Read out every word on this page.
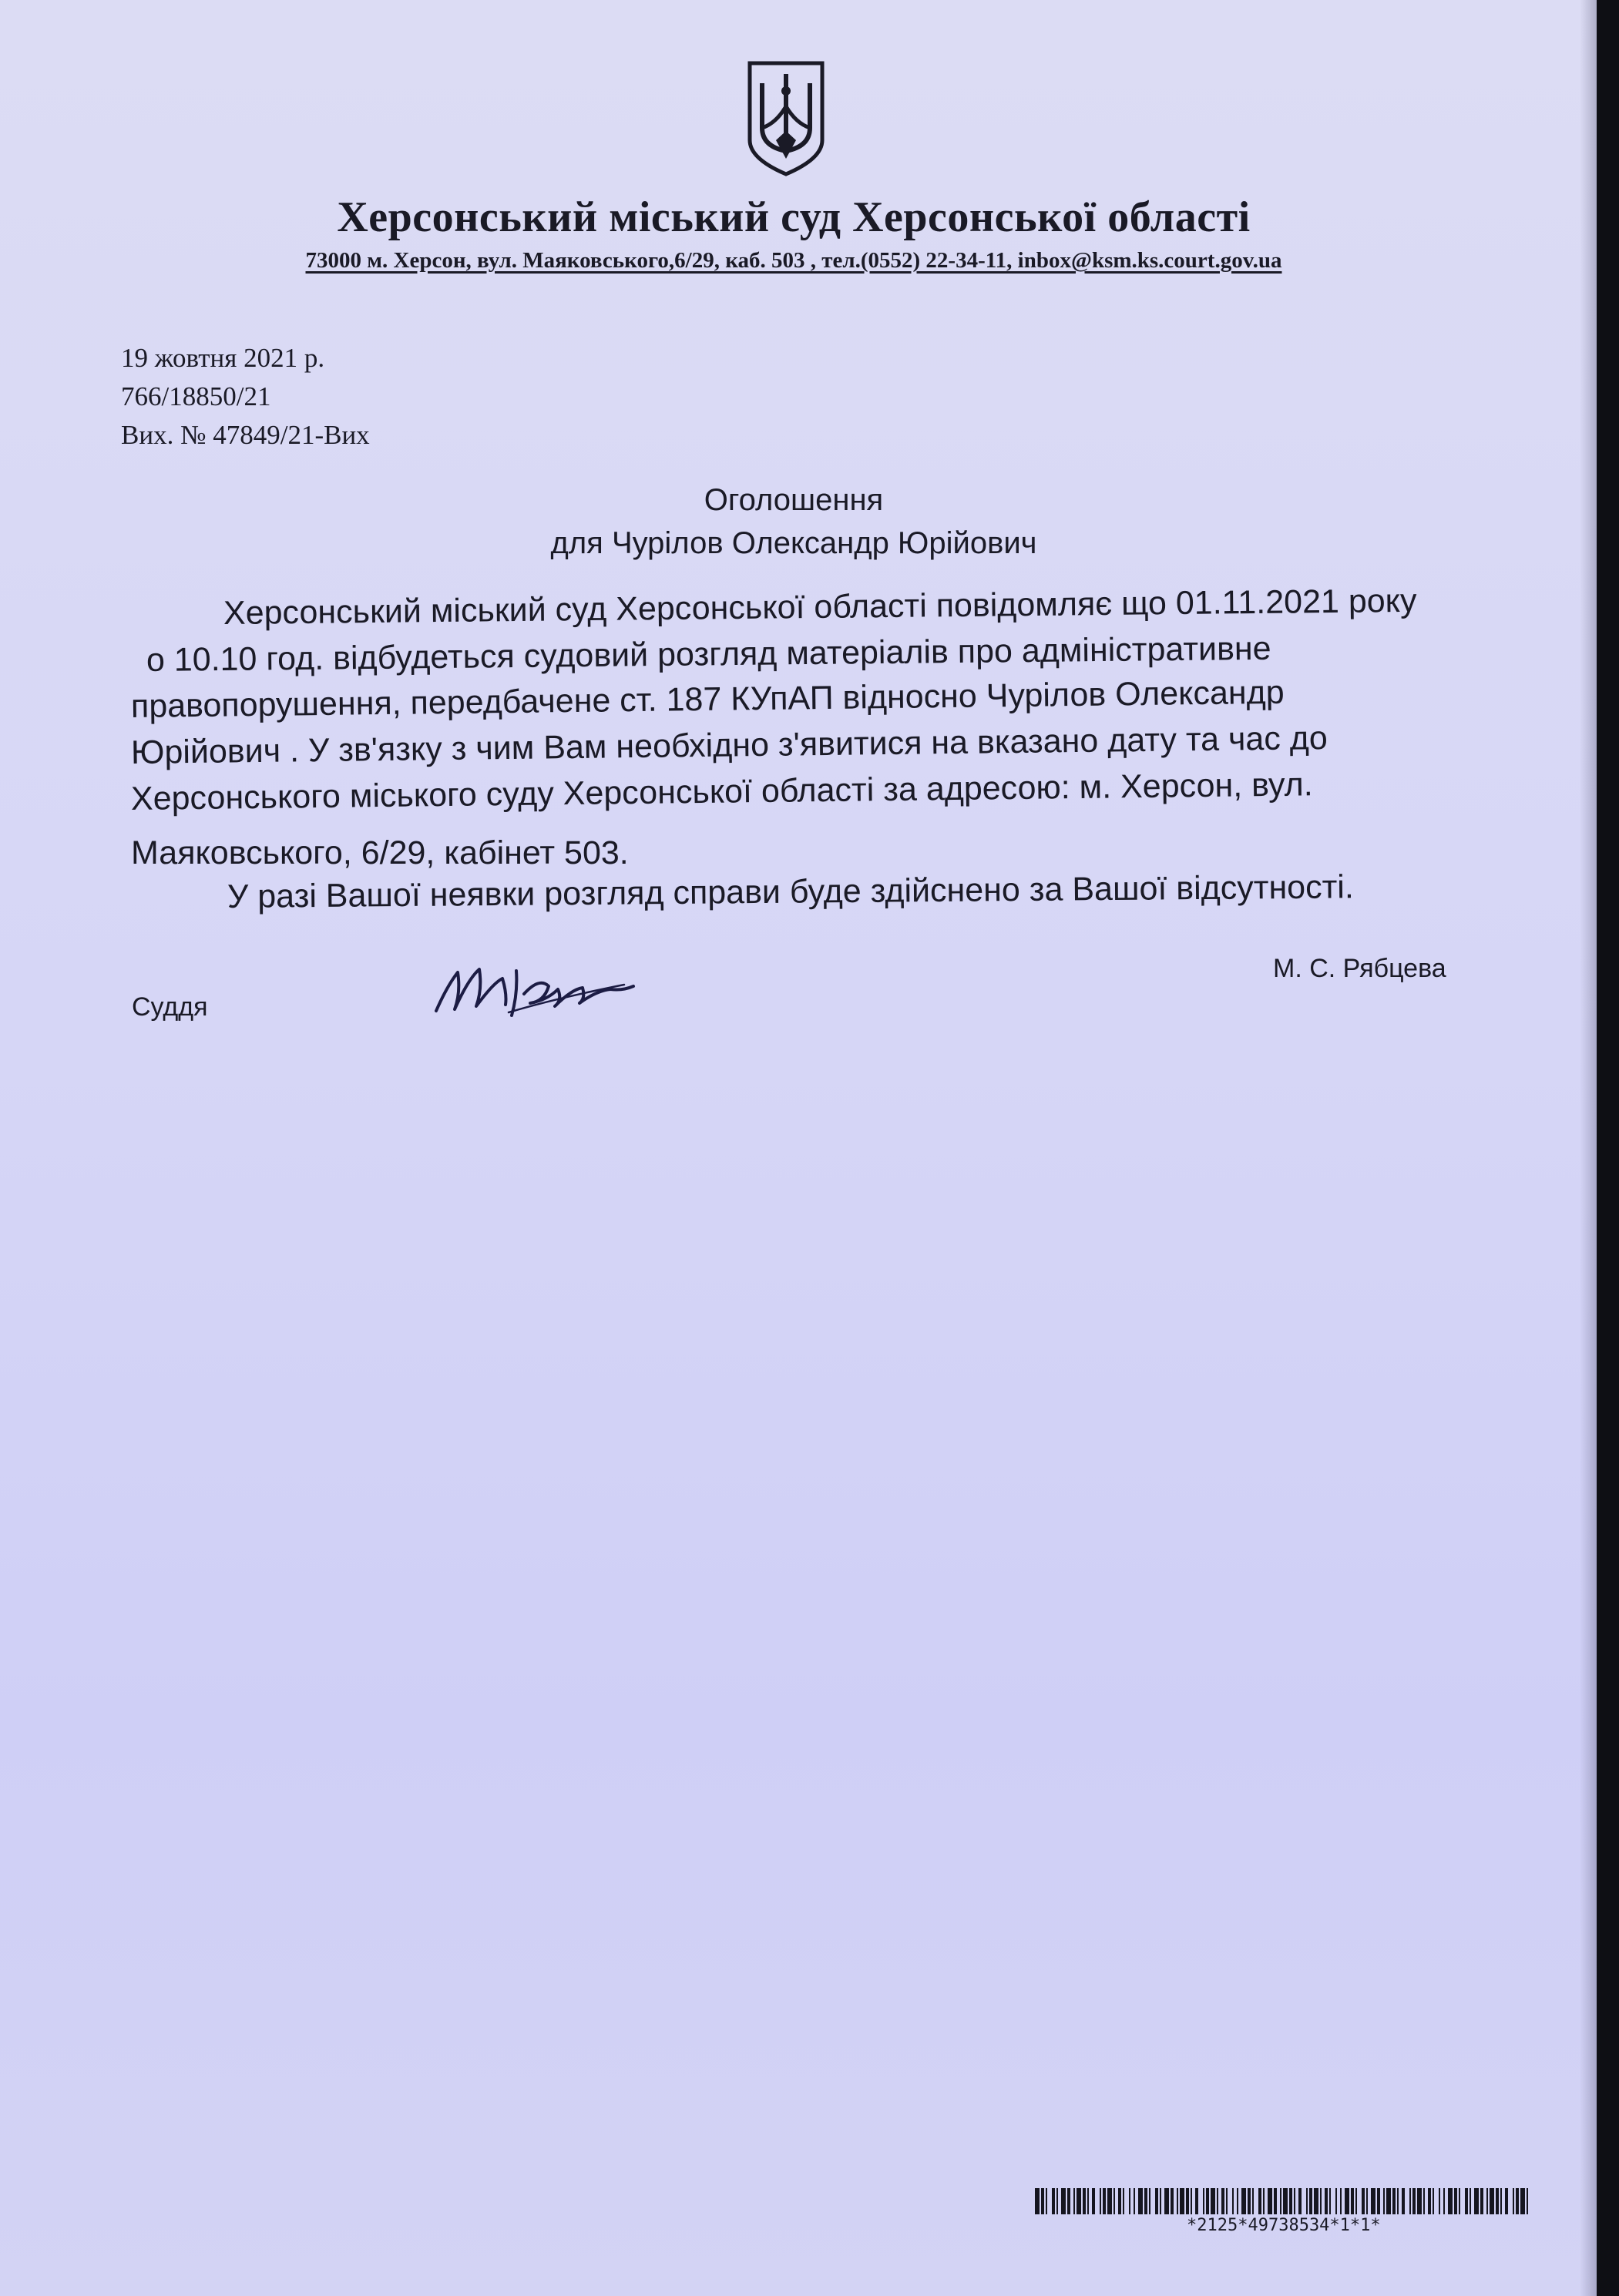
Херсонський міський суд Херсонської області
73000 м. Херсон, вул. Маяковського,6/29, каб. 503 , тел.(0552) 22-34-11, inbox@ksm.ks.court.gov.ua
19 жовтня 2021 р.
766/18850/21
Вих. № 47849/21-Вих
Оголошення
для Чурілов Олександр Юрійович
Херсонський міський суд Херсонської області повідомляє що 01.11.2021 року
о 10.10 год. відбудеться судовий розгляд матеріалів про адміністративне
правопорушення, передбачене ст. 187 КУпАП відносно Чурілов Олександр
Юрійович . У зв'язку з чим Вам необхідно з'явитися на вказано дату та час до
Херсонського міського суду Херсонської області за адресою: м. Херсон, вул.
Маяковського, 6/29, кабінет 503.
У разі Вашої неявки розгляд справи буде здійснено за Вашої відсутності.
Суддя
М. С. Рябцева
*2125*49738534*1*1*
